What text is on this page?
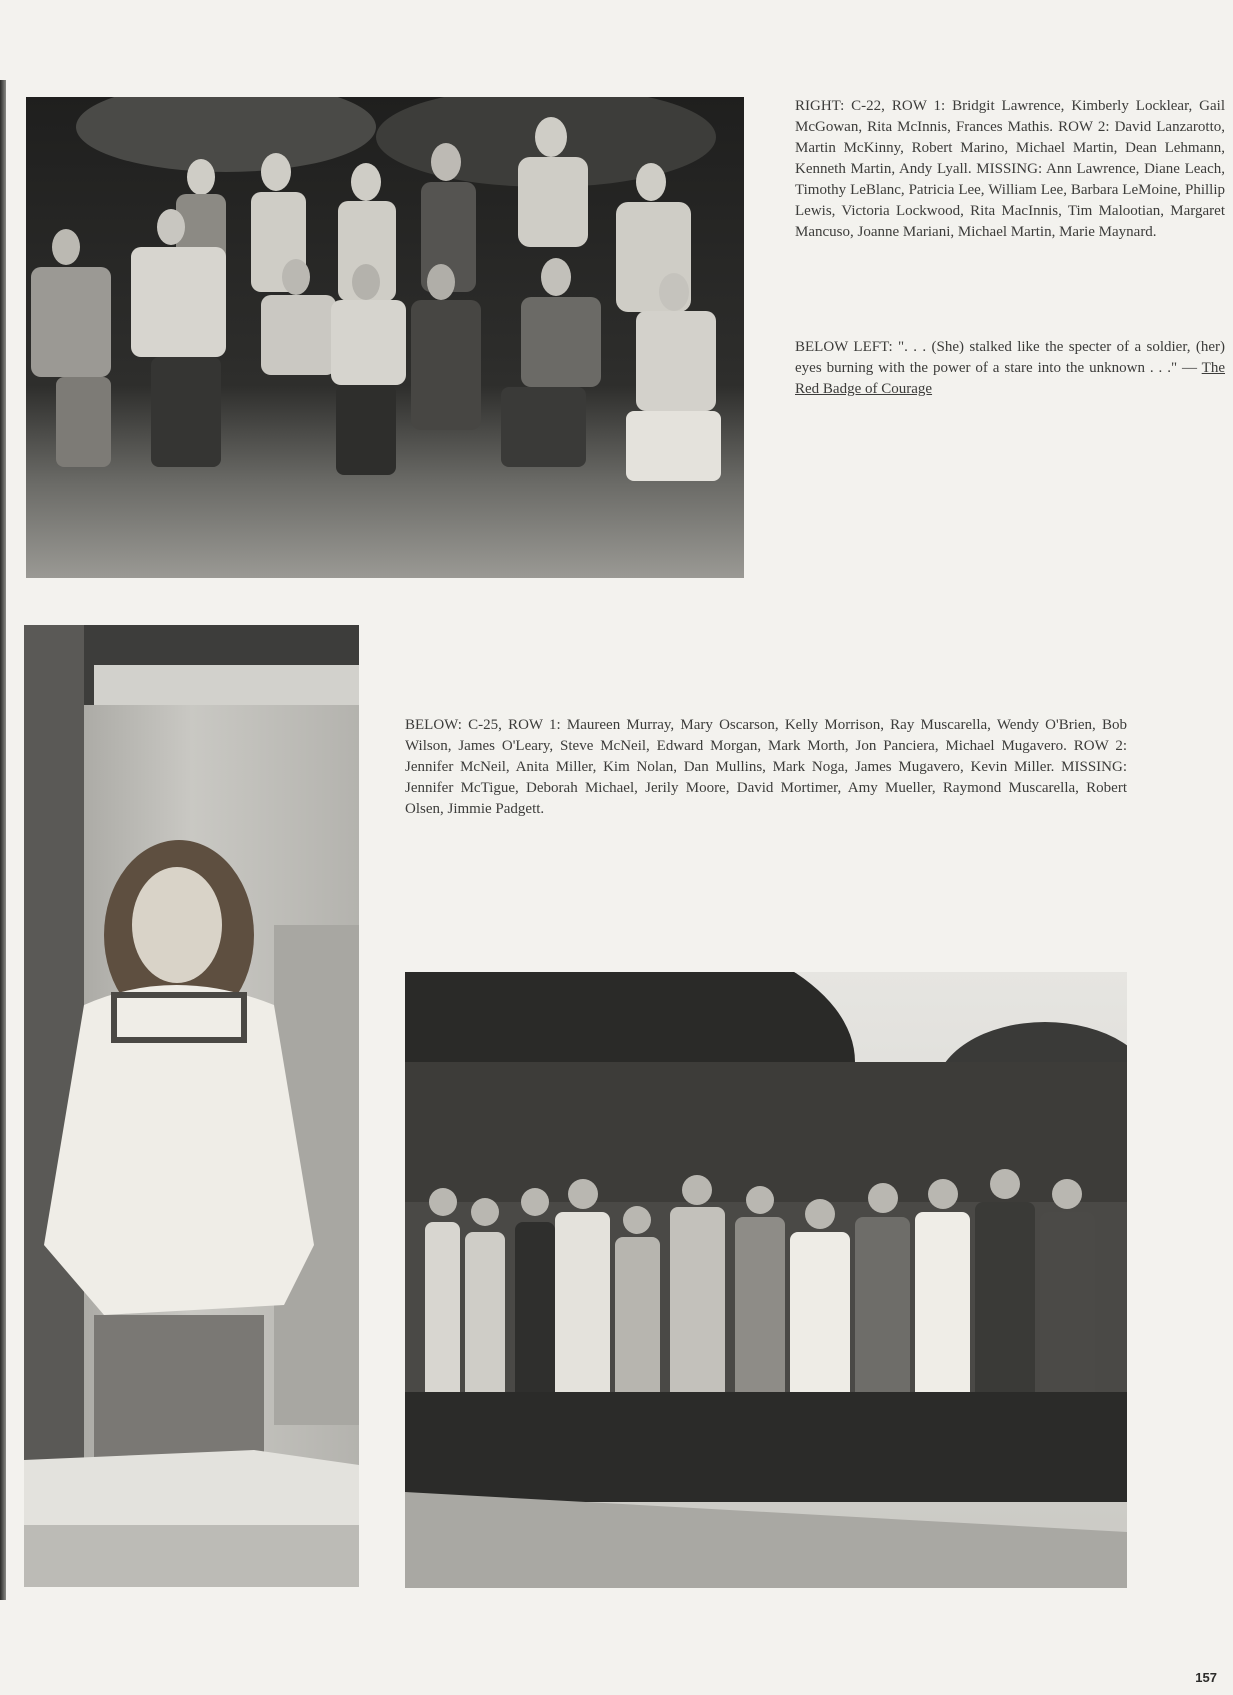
RIGHT: C-22, ROW 1: Bridgit Lawrence, Kimberly Locklear, Gail McGowan, Rita McInnis, Frances Mathis. ROW 2: David Lanzarotto, Martin McKinny, Robert Marino, Michael Martin, Dean Lehmann, Kenneth Martin, Andy Lyall. MISSING: Ann Lawrence, Diane Leach, Timothy LeBlanc, Patricia Lee, William Lee, Barbara LeMoine, Phillip Lewis, Victoria Lockwood, Rita MacInnis, Tim Malootian, Margaret Mancuso, Joanne Mariani, Michael Martin, Marie Maynard.
BELOW LEFT: ". . . (She) stalked like the specter of a soldier, (her) eyes burning with the power of a stare into the unknown . . ." — The Red Badge of Courage
BELOW: C-25, ROW 1: Maureen Murray, Mary Oscarson, Kelly Morrison, Ray Muscarella, Wendy O'Brien, Bob Wilson, James O'Leary, Steve McNeil, Edward Morgan, Mark Morth, Jon Panciera, Michael Mugavero. ROW 2: Jennifer McNeil, Anita Miller, Kim Nolan, Dan Mullins, Mark Noga, James Mugavero, Kevin Miller. MISSING: Jennifer McTigue, Deborah Michael, Jerily Moore, David Mortimer, Amy Mueller, Raymond Muscarella, Robert Olsen, Jimmie Padgett.
157
